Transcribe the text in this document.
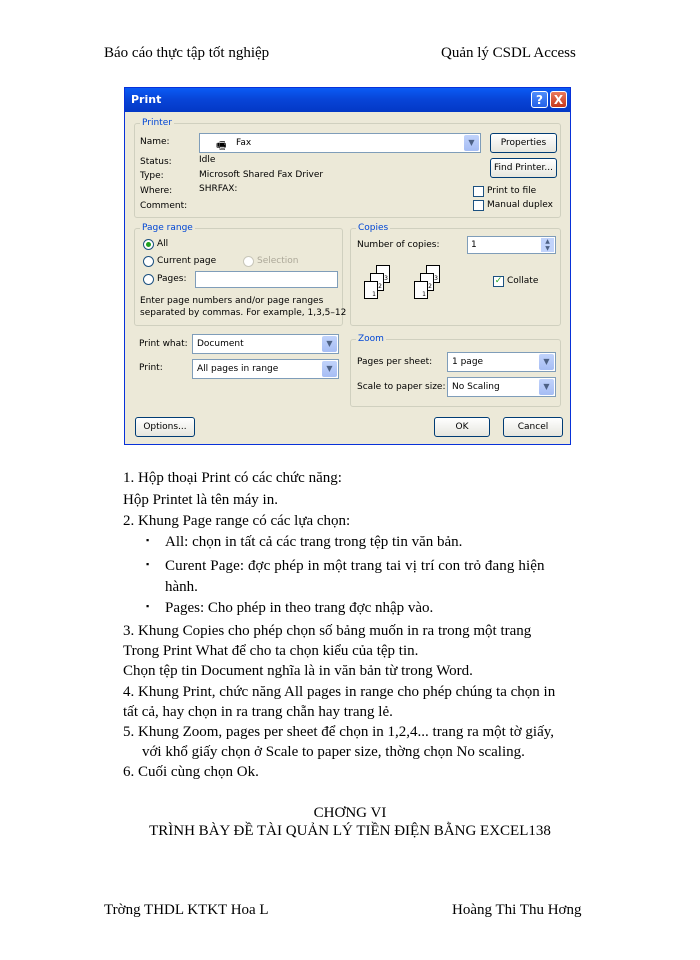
Báo cáo thực tập tốt nghiệp	Quản lý CSDL Access
Print	? X
Printer
Name:	🖷 Fax	▼	Properties
Status:	Idle
Find Printer...
Type:	Microsoft Shared Fax Driver
Where:	SHRFAX:
Comment:
Print to file
Manual duplex
Page range
All
Current page	Selection
Pages:
Enter page numbers and/or page ranges
separated by commas. For example, 1,3,5–12
Copies
Number of copies:	1	▲
▼
3
2
1
3
2
1
✓ Collate
Print what: Document	▼
Print:	All pages in range	▼
Zoom
Pages per sheet: 1 page	▼
Scale to paper size: No Scaling	▼
Options...	OK	Cancel
1. Hộp thoại Print có các chức năng:
Hộp Printet là tên máy in.
2. Khung Page range có các lựa chọn:
▪ All: chọn in tất cả các trang trong tệp tin văn bản.
▪ Curent Page: đợc phép in một trang tai vị trí con trỏ đang hiện
hành.
▪ Pages: Cho phép in theo trang đợc nhập vào.
3. Khung Copies cho phép chọn số bảng muốn in ra trong một trang
Trong Print What để cho ta chọn kiểu của tệp tin.
Chọn tệp tin Document nghĩa là in văn bản từ trong Word.
4. Khung Print, chức năng All pages in range cho phép chúng ta chọn in
tất cả, hay chọn in ra trang chẵn hay trang lẻ.
5. Khung Zoom, pages per sheet để chọn in 1,2,4... trang ra một tờ giấy,
với khổ giấy chọn ở Scale to paper size, thờng chọn No scaling.
6. Cuối cùng chọn Ok.
CHƠNG VI
TRÌNH BÀY ĐỀ TÀI QUẢN LÝ TIỀN ĐIỆN BẰNG EXCEL138
Trờng THDL KTKT Hoa L	Hoàng Thi Thu Hơng
